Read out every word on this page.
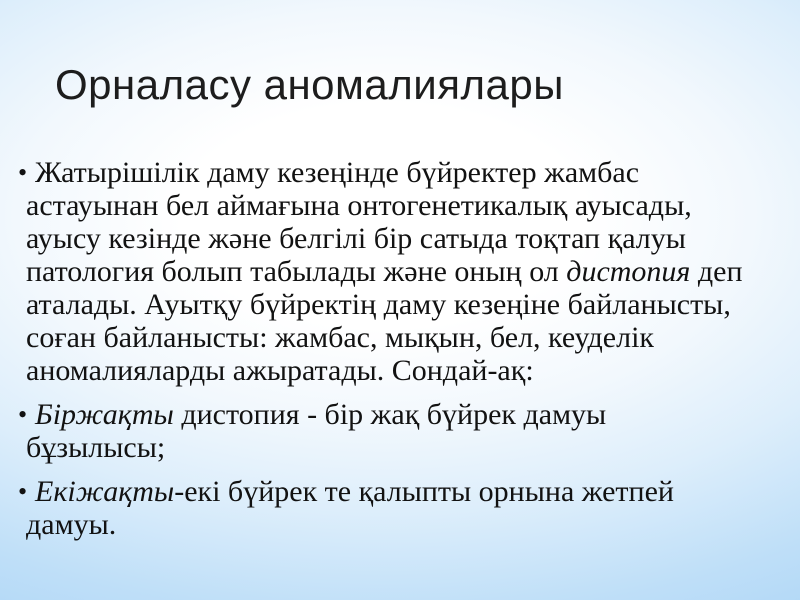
Орналасу аномалиялары
• Жатырішілік даму кезеңінде бүйректер жамбас
астауынан бел аймағына онтогенетикалық ауысады,
ауысу кезінде және белгілі бір сатыда тоқтап қалуы
патология болып табылады және оның ол дистопия деп
аталады. Ауытқу бүйректің даму кезеңіне байланысты,
соған байланысты: жамбас, мықын, бел, кеуделік
аномалияларды ажыратады. Сондай-ақ:
• Біржақты дистопия - бір жақ бүйрек дамуы
бұзылысы;
• Екіжақты-екі бүйрек те қалыпты орнына жетпей
дамуы.
